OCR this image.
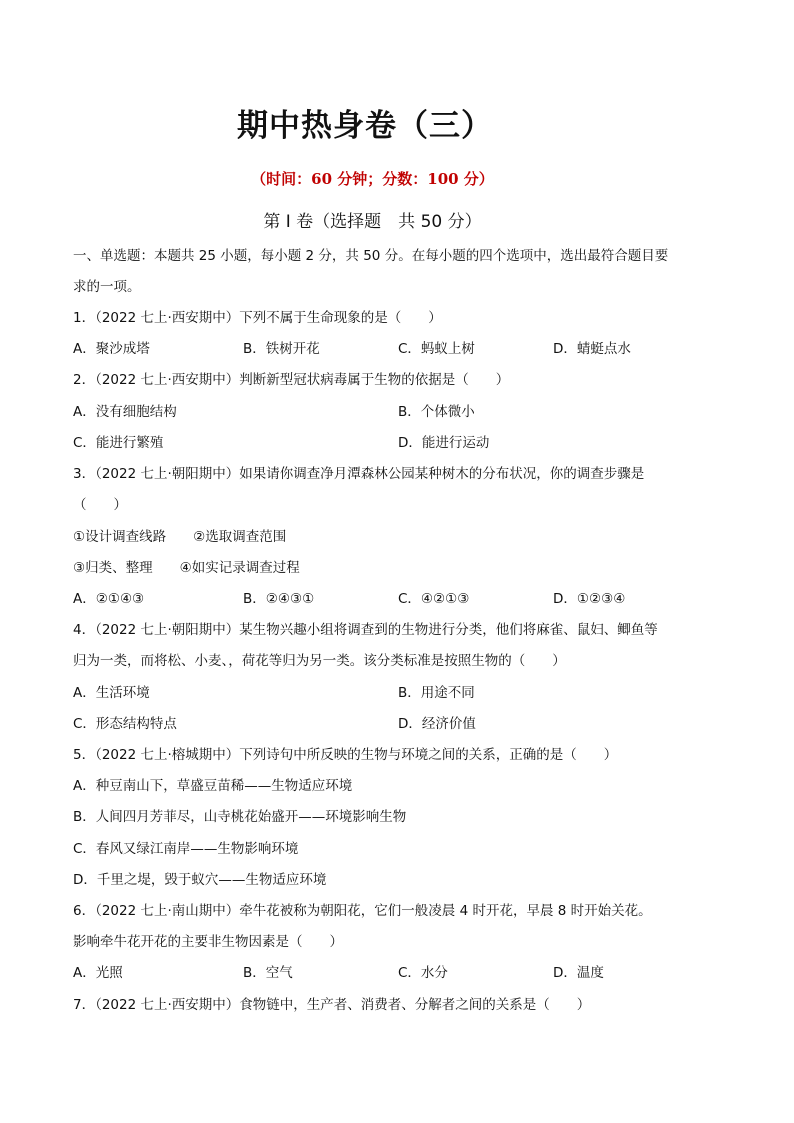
期中热身卷（三）
（时间：60 分钟；分数：100 分）
第 I 卷（选择题　共 50 分）
一、单选题：本题共 25 小题，每小题 2 分，共 50 分。在每小题的四个选项中，选出最符合题目要
求的一项。
1．（2022 七上·西安期中）下列不属于生命现象的是（　　）
A．聚沙成塔	B．铁树开花	C．蚂蚁上树	D．蜻蜓点水
2．（2022 七上·西安期中）判断新型冠状病毒属于生物的依据是（　　）
A．没有细胞结构	B．个体微小
C．能进行繁殖	D．能进行运动
3．（2022 七上·朝阳期中）如果请你调查净月潭森林公园某种树木的分布状况，你的调查步骤是
（　　）
①设计调查线路　　②选取调查范围
③归类、整理　　④如实记录调查过程
A．②①④③	B．②④③①	C．④②①③	D．①②③④
4．（2022 七上·朝阳期中）某生物兴趣小组将调查到的生物进行分类，他们将麻雀、鼠妇、鲫鱼等
归为一类，而将松、小麦、，荷花等归为另一类。该分类标准是按照生物的（　　）
A．生活环境	B．用途不同
C．形态结构特点	D．经济价值
5．（2022 七上·榕城期中）下列诗句中所反映的生物与环境之间的关系，正确的是（　　）
A．种豆南山下，草盛豆苗稀——生物适应环境
B．人间四月芳菲尽，山寺桃花始盛开——环境影响生物
C．春风又绿江南岸——生物影响环境
D．千里之堤，毁于蚁穴——生物适应环境
6．（2022 七上·南山期中）牵牛花被称为朝阳花，它们一般凌晨 4 时开花，早晨 8 时开始关花。
影响牵牛花开花的主要非生物因素是（　　）
A．光照	B．空气	C．水分	D．温度
7．（2022 七上·西安期中）食物链中，生产者、消费者、分解者之间的关系是（　　）
